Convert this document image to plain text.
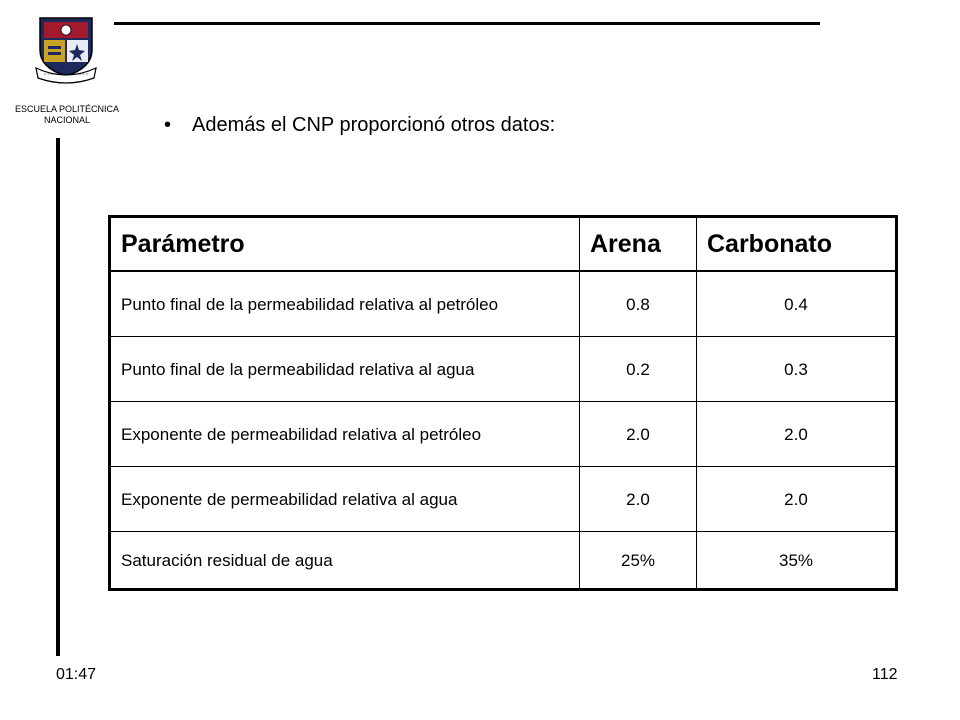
ESCUELA POLITÉCNICA
NACIONAL	• Además el CNP proporcionó otros datos:
Parámetro	Arena	Carbonato
Punto final de la permeabilidad relativa al petróleo	0.8	0.4
Punto final de la permeabilidad relativa al agua	0.2	0.3
Exponente de permeabilidad relativa al petróleo	2.0	2.0
Exponente de permeabilidad relativa al agua	2.0	2.0
Saturación residual de agua	25%	35%
01:47	112
